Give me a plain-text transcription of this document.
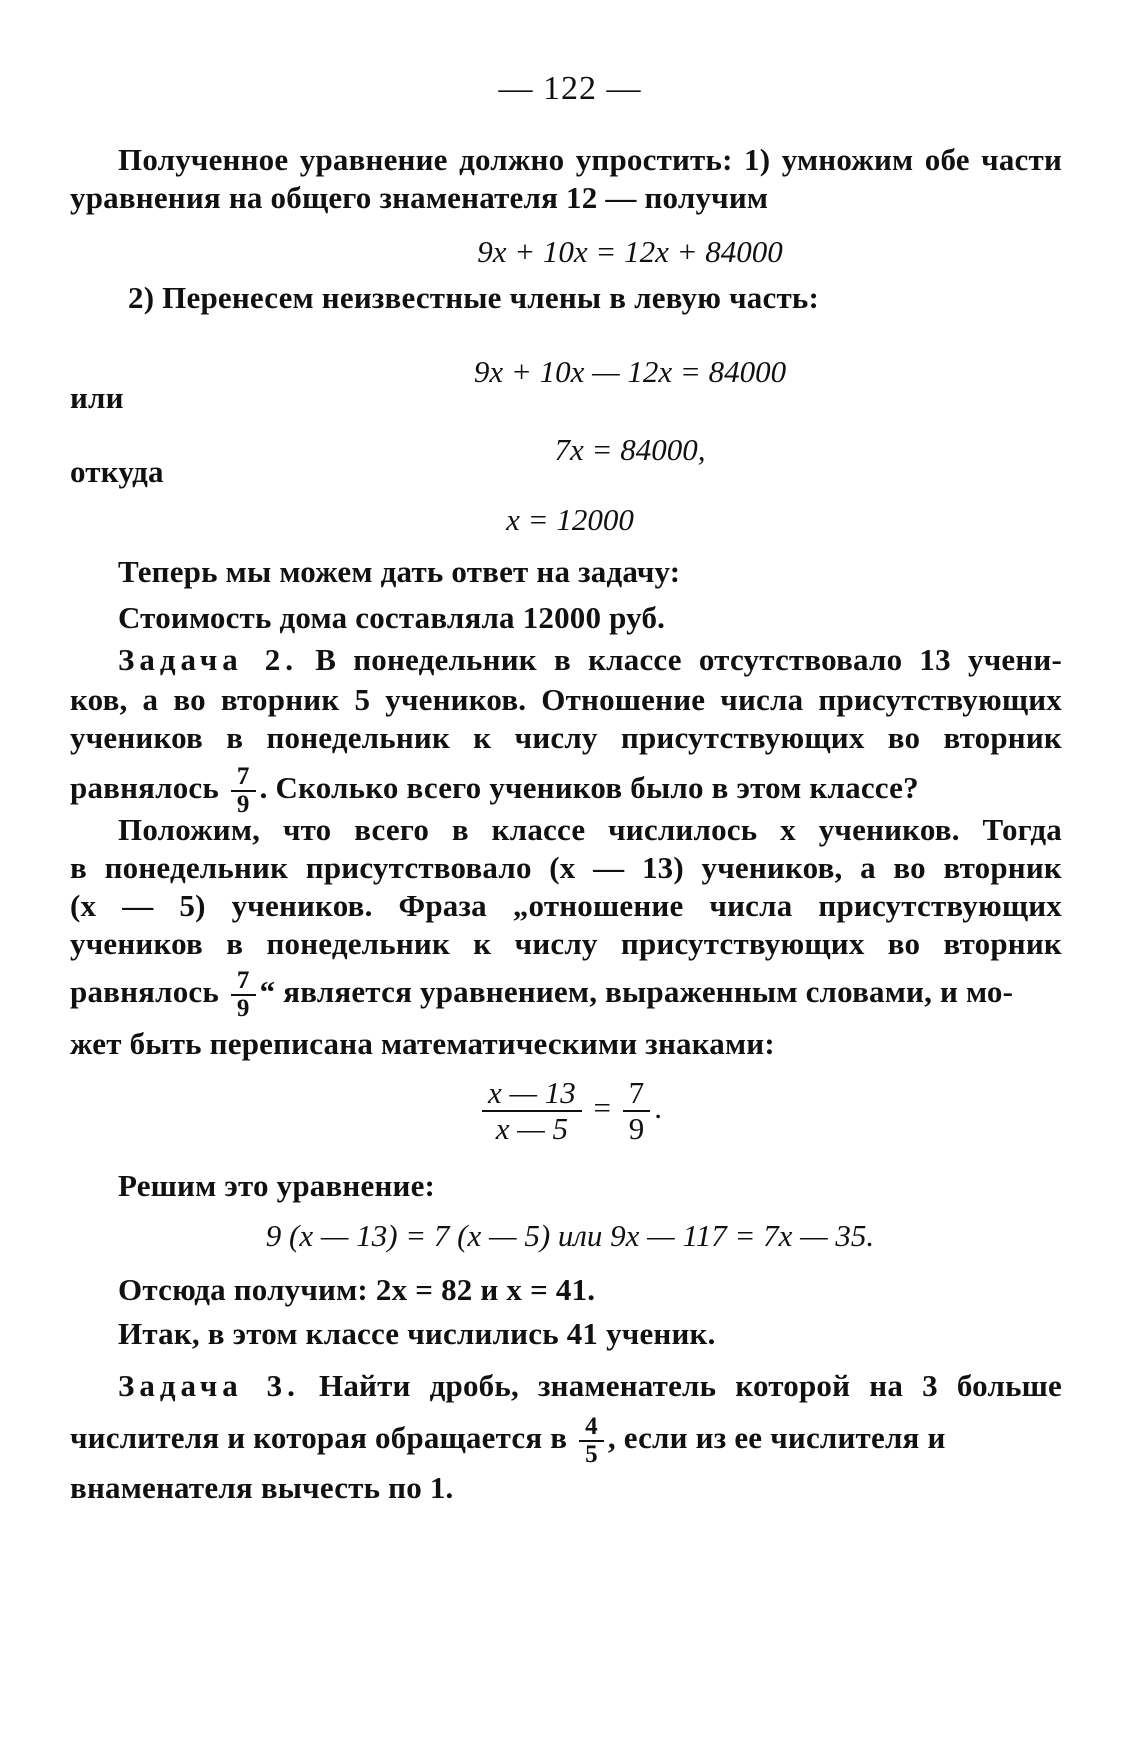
— 122 —
Полученное уравнение должно упростить: 1) умножим обе части
уравнения на общего знаменателя 12 — получим
9x + 10x = 12x + 84000
2) Перенесем неизвестные члены в левую часть:
9x + 10x — 12x = 84000
или
7x = 84000,
откуда
x = 12000
Теперь мы можем дать ответ на задачу:
Стоимость дома составляла 12000 руб.
Задача 2. В понедельник в классе отсутствовало 13 учени-
ков, а во вторник 5 учеников. Отношение числа присутствующих
учеников в понедельник к числу присутствующих во вторник
равнялось $\frac{7}{9}$ . Сколько всего учеников было в этом классе?
Положим, что всего в классе числилось x учеников. Тогда
в понедельник присутствовало (x — 13) учеников, а во вторник
(x — 5) учеников. Фраза „отношение числа присутствующих
учеников в понедельник к числу присутствующих во вторник
равнялось $\frac{7}{9}$ “ является уравнением, выраженным словами, и мо-
жет быть переписана математическими знаками:
$\frac{x — 13}{x — 5} = \frac{7}{9}$ .
Решим это уравнение:
9 (x — 13) = 7 (x — 5) или 9x — 117 = 7x — 35.
Отсюда получим: 2x = 82 и x = 41.
Итак, в этом классе числились 41 ученик.
Задача 3. Найти дробь, знаменатель которой на 3 больше
числителя и которая обращается в $\frac{4}{5}$ , если из ее числителя и
внаменателя вычесть по 1.
